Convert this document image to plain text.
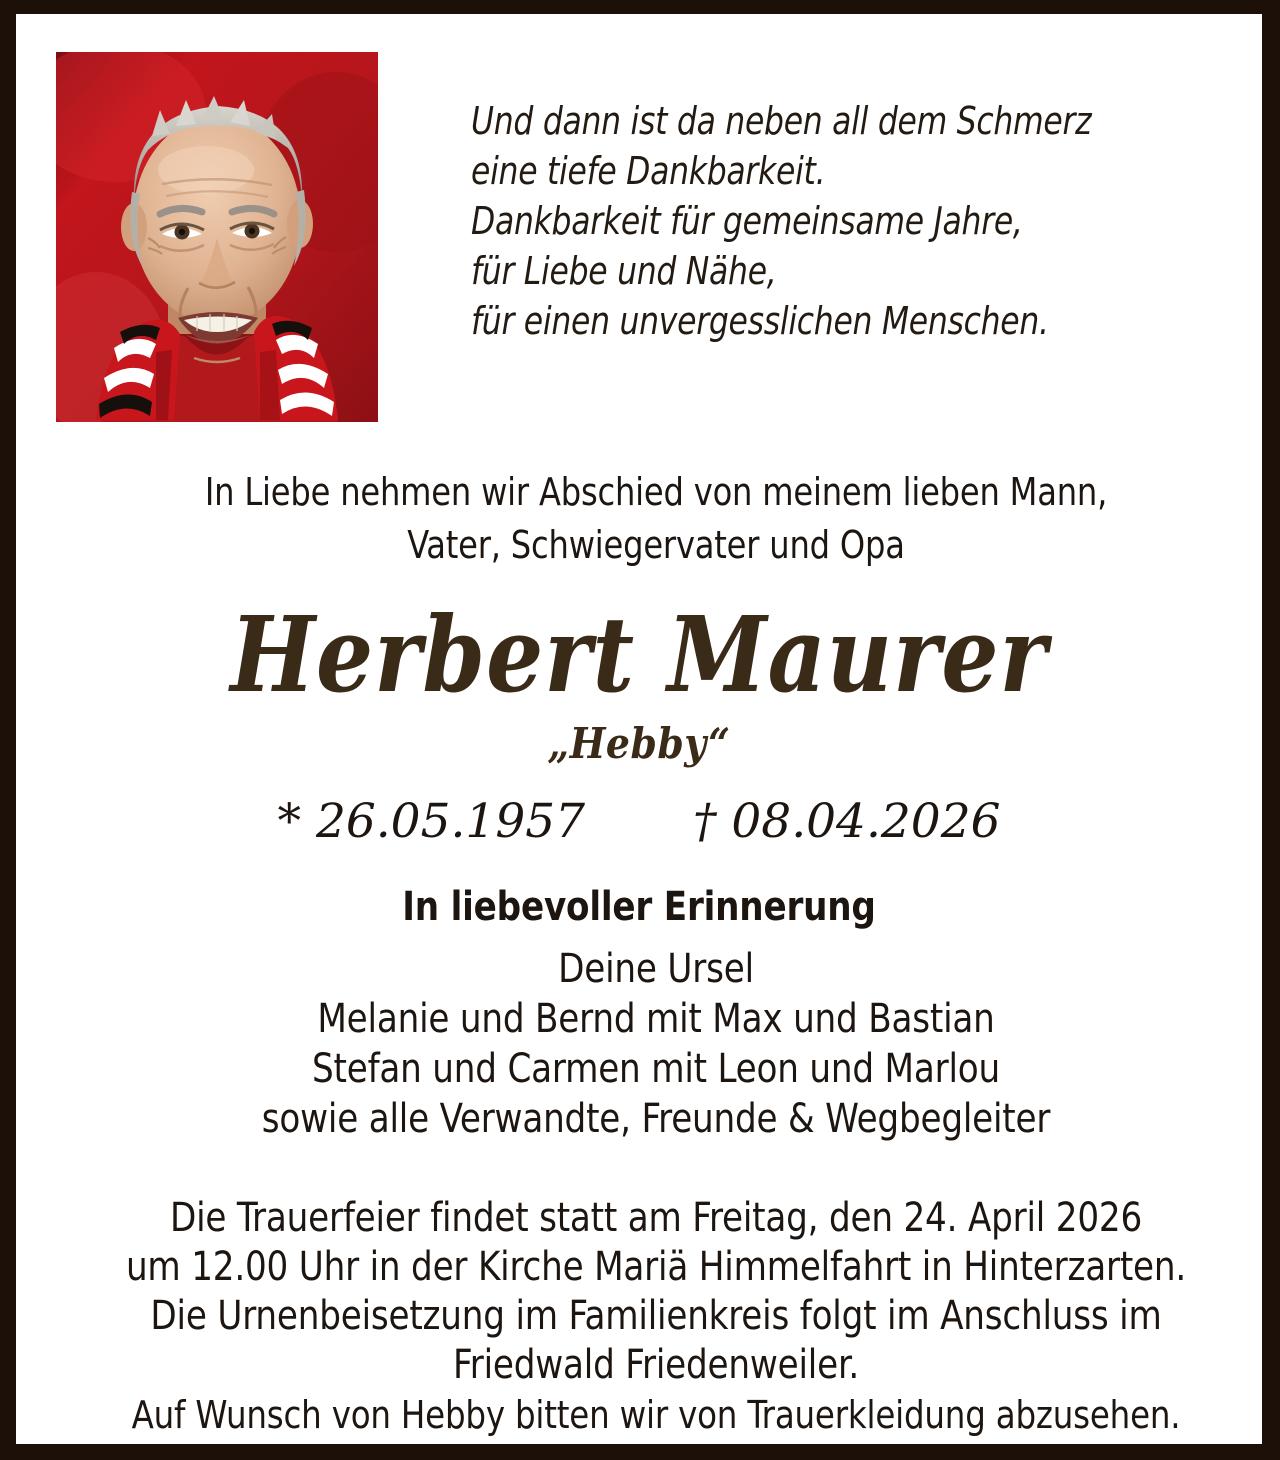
Und dann ist da neben all dem Schmerz
eine tiefe Dankbarkeit.
Dankbarkeit für gemeinsame Jahre,
für Liebe und Nähe,
für einen unvergesslichen Menschen.
In Liebe nehmen wir Abschied von meinem lieben Mann,
Vater, Schwiegervater und Opa
Herbert Maurer
„Hebby“
* 26.05.1957 † 08.04.2026
In liebevoller Erinnerung
Deine Ursel
Melanie und Bernd mit Max und Bastian
Stefan und Carmen mit Leon und Marlou
sowie alle Verwandte, Freunde & Wegbegleiter
Die Trauerfeier findet statt am Freitag, den 24. April 2026
um 12.00 Uhr in der Kirche Mariä Himmelfahrt in Hinterzarten.
Die Urnenbeisetzung im Familienkreis folgt im Anschluss im
Friedwald Friedenweiler.
Auf Wunsch von Hebby bitten wir von Trauerkleidung abzusehen.
